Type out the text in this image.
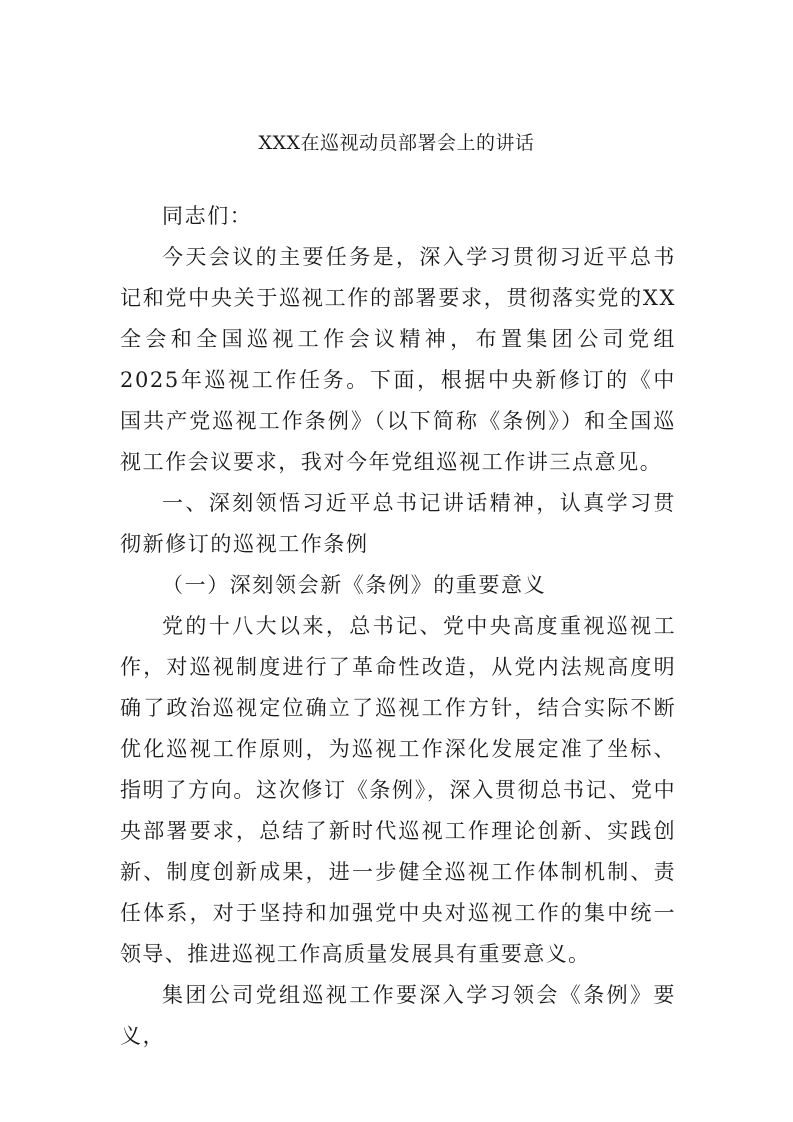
XXX在巡视动员部署会上的讲话

同志们：

今天会议的主要任务是，深入学习贯彻习近平总书记和党中央关于巡视工作的部署要求，贯彻落实党的XX全会和全国巡视工作会议精神，布置集团公司党组2025年巡视工作任务。下面，根据中央新修订的《中国共产党巡视工作条例》（以下简称《条例》）和全国巡视工作会议要求，我对今年党组巡视工作讲三点意见。

一、深刻领悟习近平总书记讲话精神，认真学习贯彻新修订的巡视工作条例

（一）深刻领会新《条例》的重要意义

党的十八大以来，总书记、党中央高度重视巡视工作，对巡视制度进行了革命性改造，从党内法规高度明确了政治巡视定位确立了巡视工作方针，结合实际不断优化巡视工作原则，为巡视工作深化发展定准了坐标、指明了方向。这次修订《条例》，深入贯彻总书记、党中央部署要求，总结了新时代巡视工作理论创新、实践创新、制度创新成果，进一步健全巡视工作体制机制、责任体系，对于坚持和加强党中央对巡视工作的集中统一领导、推进巡视工作高质量发展具有重要意义。

集团公司党组巡视工作要深入学习领会《条例》要义，
